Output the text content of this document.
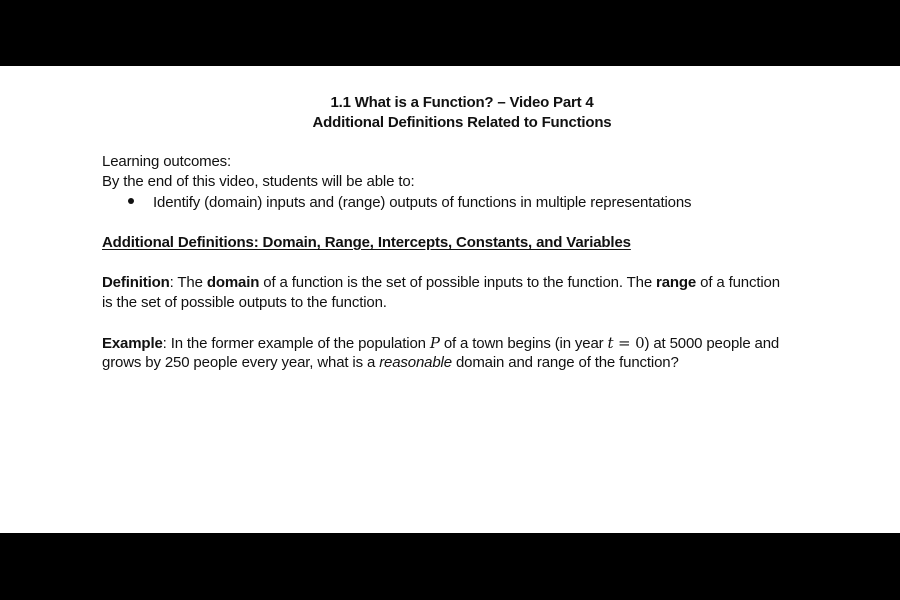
1.1 What is a Function? – Video Part 4
Additional Definitions Related to Functions
Learning outcomes:
By the end of this video, students will be able to:
Identify (domain) inputs and (range) outputs of functions in multiple representations
Additional Definitions: Domain, Range, Intercepts, Constants, and Variables
Definition: The domain of a function is the set of possible inputs to the function. The range of a function
is the set of possible outputs to the function.
Example: In the former example of the population P of a town begins (in year t = 0) at 5000 people and
grows by 250 people every year, what is a reasonable domain and range of the function?
